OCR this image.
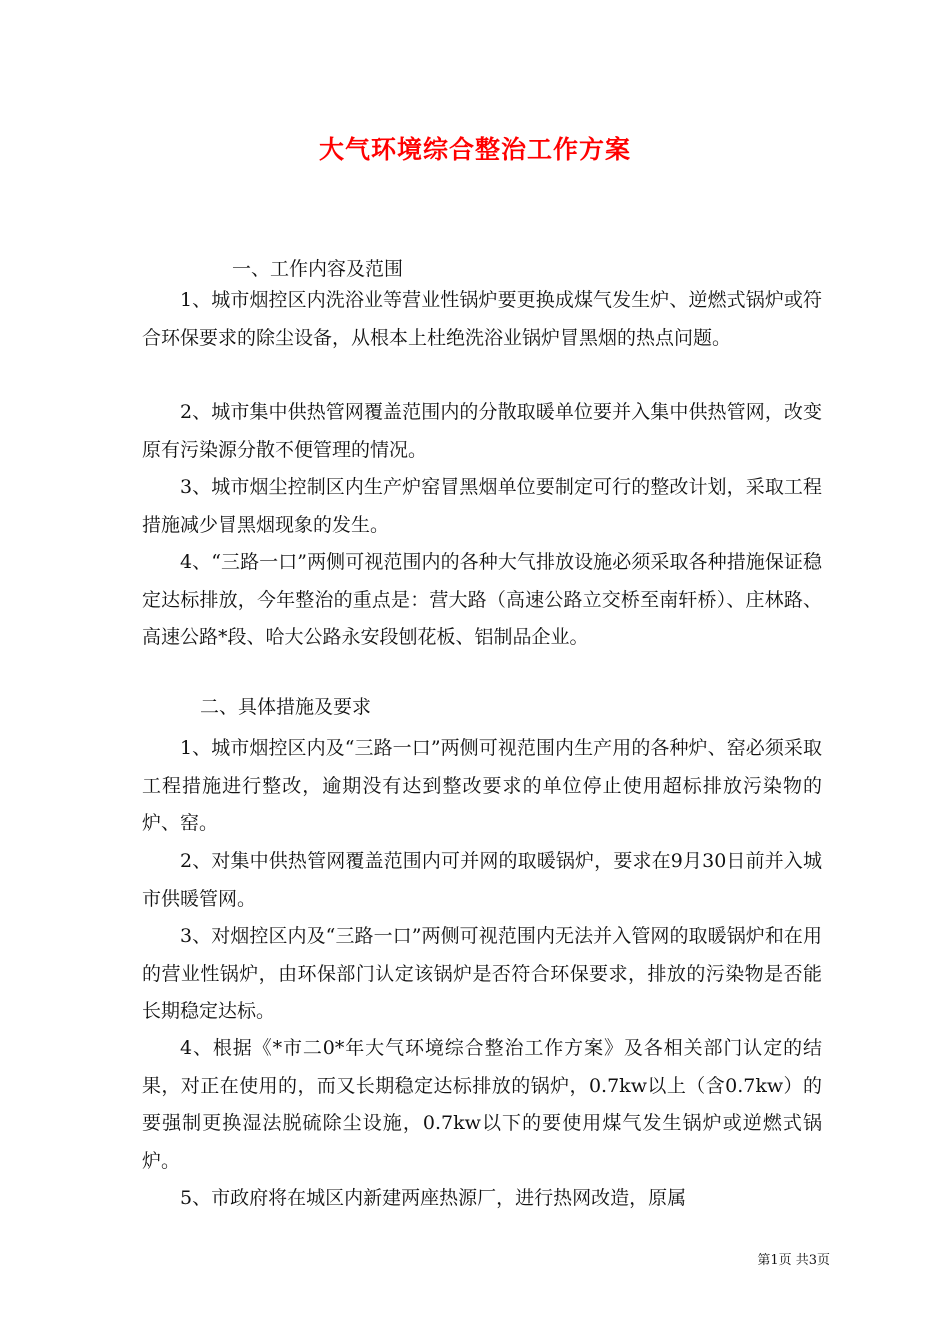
大气环境综合整治工作方案
一、工作内容及范围
1、城市烟控区内洗浴业等营业性锅炉要更换成煤气发生炉、逆燃式锅炉或符合环保要求的除尘设备，从根本上杜绝洗浴业锅炉冒黑烟的热点问题。
2、城市集中供热管网覆盖范围内的分散取暖单位要并入集中供热管网，改变原有污染源分散不便管理的情况。
3、城市烟尘控制区内生产炉窑冒黑烟单位要制定可行的整改计划，采取工程措施减少冒黑烟现象的发生。
4、“三路一口”两侧可视范围内的各种大气排放设施必须采取各种措施保证稳定达标排放，今年整治的重点是：营大路（高速公路立交桥至南轩桥）、庄林路、高速公路*段、哈大公路永安段刨花板、铝制品企业。
二、具体措施及要求
1、城市烟控区内及“三路一口”两侧可视范围内生产用的各种炉、窑必须采取工程措施进行整改，逾期没有达到整改要求的单位停止使用超标排放污染物的炉、窑。
2、对集中供热管网覆盖范围内可并网的取暖锅炉，要求在9月30日前并入城市供暖管网。
3、对烟控区内及“三路一口”两侧可视范围内无法并入管网的取暖锅炉和在用的营业性锅炉，由环保部门认定该锅炉是否符合环保要求，排放的污染物是否能长期稳定达标。
4、根据《*市二0*年大气环境综合整治工作方案》及各相关部门认定的结果，对正在使用的，而又长期稳定达标排放的锅炉，0.7kw以上（含0.7kw）的要强制更换湿法脱硫除尘设施，0.7kw以下的要使用煤气发生锅炉或逆燃式锅炉。
5、市政府将在城区内新建两座热源厂，进行热网改造，原属
第1页 共3页
